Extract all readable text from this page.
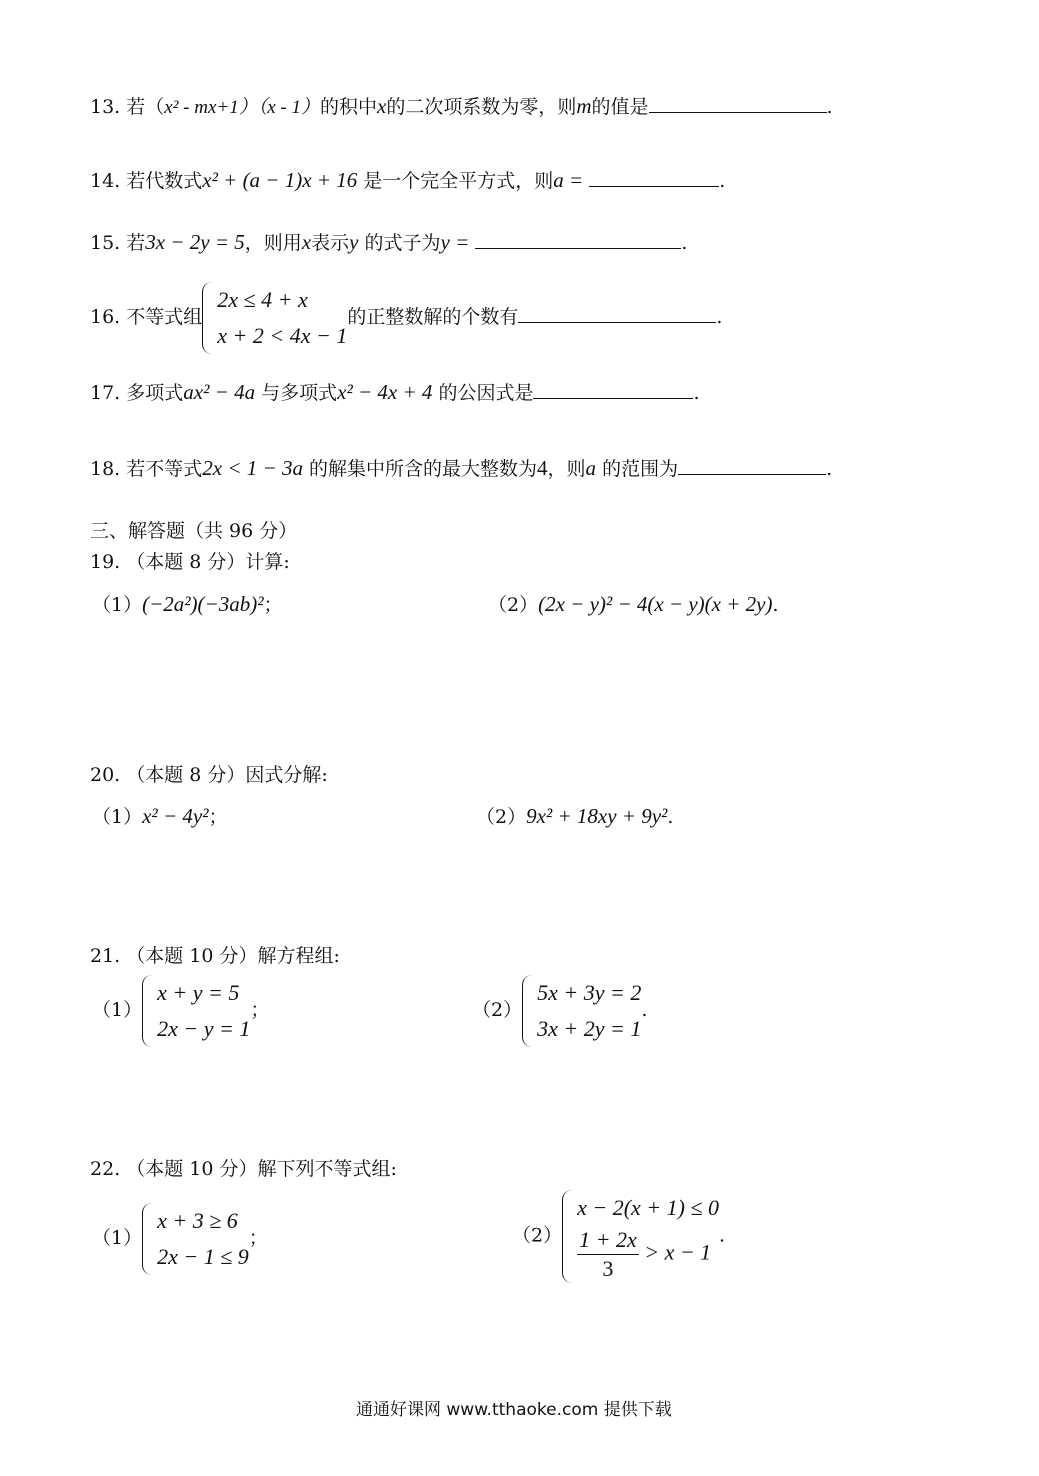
13. 若（x² - mx+1）（x - 1）的积中x的二次项系数为零，则m的值是	.
14. 若代数式x² + (a − 1)x + 16 是一个完全平方式，则a =	.
15. 若3x − 2y = 5，则用x表示y 的式子为y =	.
16. 不等式组
2x ≤ 4 + x
x + 2 < 4x − 1
的正整数解的个数有	.
17. 多项式ax² − 4a 与多项式x² − 4x + 4 的公因式是	.
18. 若不等式2x < 1 − 3a 的解集中所含的最大整数为4，则a 的范围为	.
三、解答题（共 96 分）
19. （本题 8 分）计算:
（1）(−2a²)(−3ab)²；	（2）(2x − y)² − 4(x − y)(x + 2y).
20. （本题 8 分）因式分解:
（1）x² − 4y²；	（2）9x² + 18xy + 9y².
21. （本题 10 分）解方程组:
（1）
x + y = 5
2x − y = 1
；	（2）
5x + 3y = 2
3x + 2y = 1
.
22. （本题 10 分）解下列不等式组:
（1）
x + 3 ≥ 6
2x − 1 ≤ 9
；	（2）
x − 2(x + 1) ≤ 0
$\frac{1 + 2x}{3} > x - 1$
.
通通好课网 www.tthaoke.com 提供下载
